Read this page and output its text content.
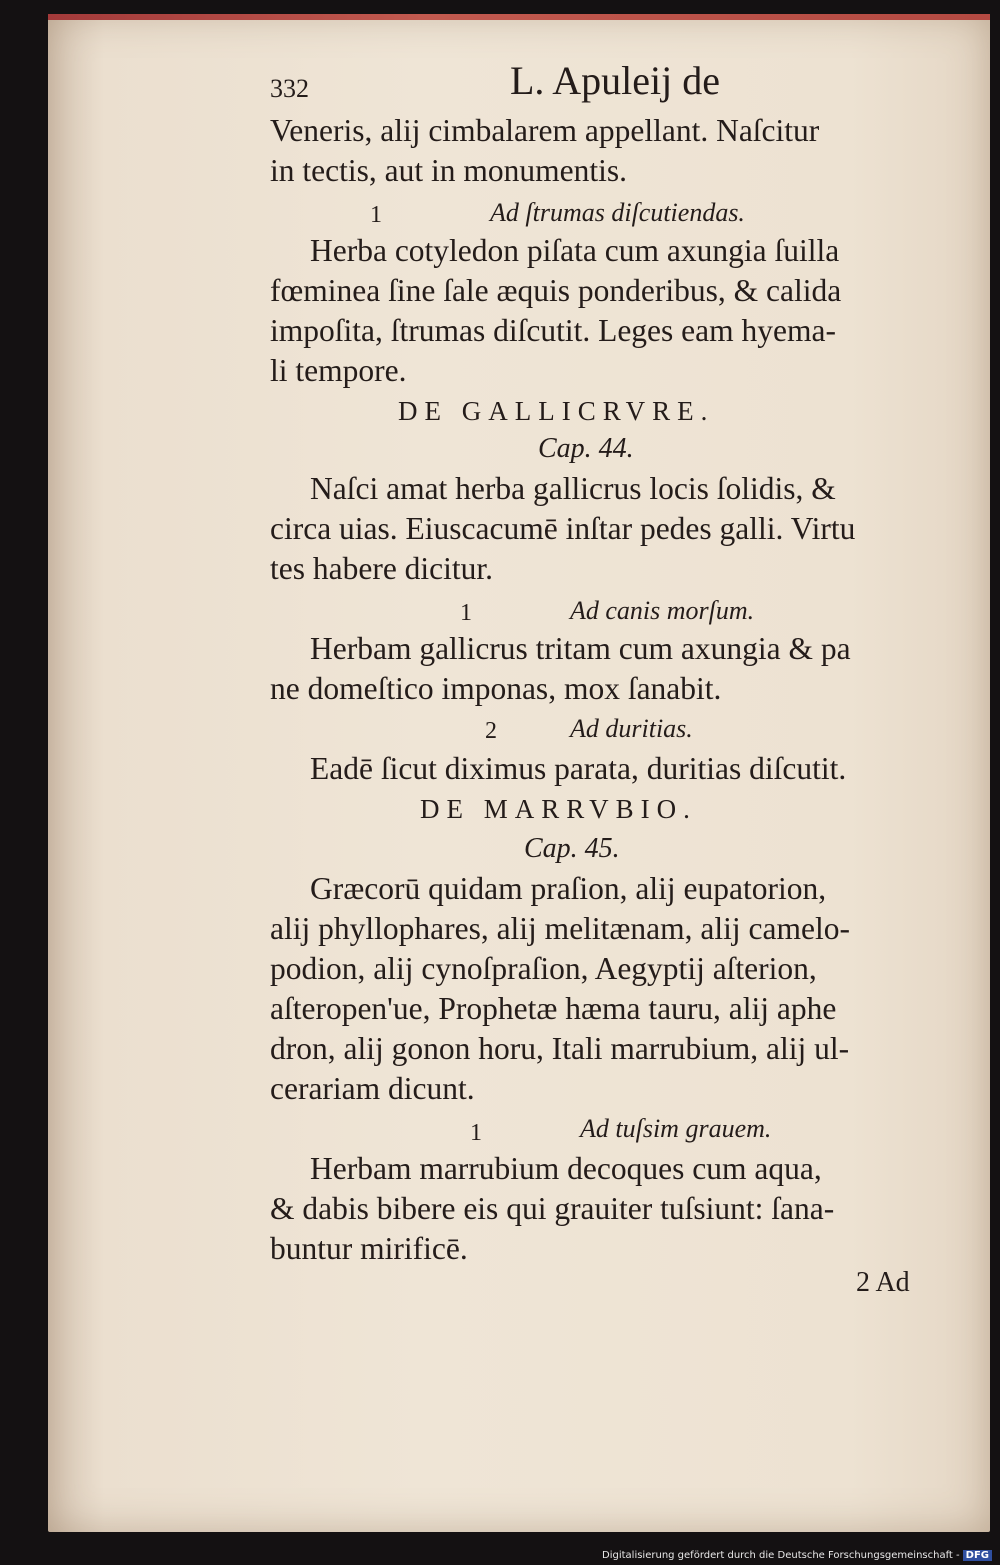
332	L. Apuleij de
Veneris, alij cimbalarem appellant. Naſcitur
in tectis, aut in monumentis.
1	Ad ſtrumas diſcutiendas.
Herba cotyledon piſata cum axungia ſuilla
fœminea ſine ſale æquis ponderibus, & calida
impoſita, ſtrumas diſcutit. Leges eam hyema-
li tempore.
DE GALLICRVRE.
Cap. 44.
Naſci amat herba gallicrus locis ſolidis, &
circa uias. Eiuscacumē inſtar pedes galli. Virtu
tes habere dicitur.
1	Ad canis morſum.
Herbam gallicrus tritam cum axungia & pa
ne domeſtico imponas, mox ſanabit.
2	Ad duritias.
Eadē ſicut diximus parata, duritias diſcutit.
DE MARRVBIO.
Cap. 45.
Græcorū quidam praſion, alij eupatorion,
alij phyllophares, alij melitænam, alij camelo-
podion, alij cynoſpraſion, Aegyptij aſterion,
aſteropen'ue, Prophetæ hæma tauru, alij aphe
dron, alij gonon horu, Itali marrubium, alij ul-
cerariam dicunt.
1	Ad tuſsim grauem.
Herbam marrubium decoques cum aqua,
& dabis bibere eis qui grauiter tuſsiunt: ſana-
buntur mirificē.
2 Ad
Digitalisierung gefördert durch die Deutsche Forschungsgemeinschaft - DFG
